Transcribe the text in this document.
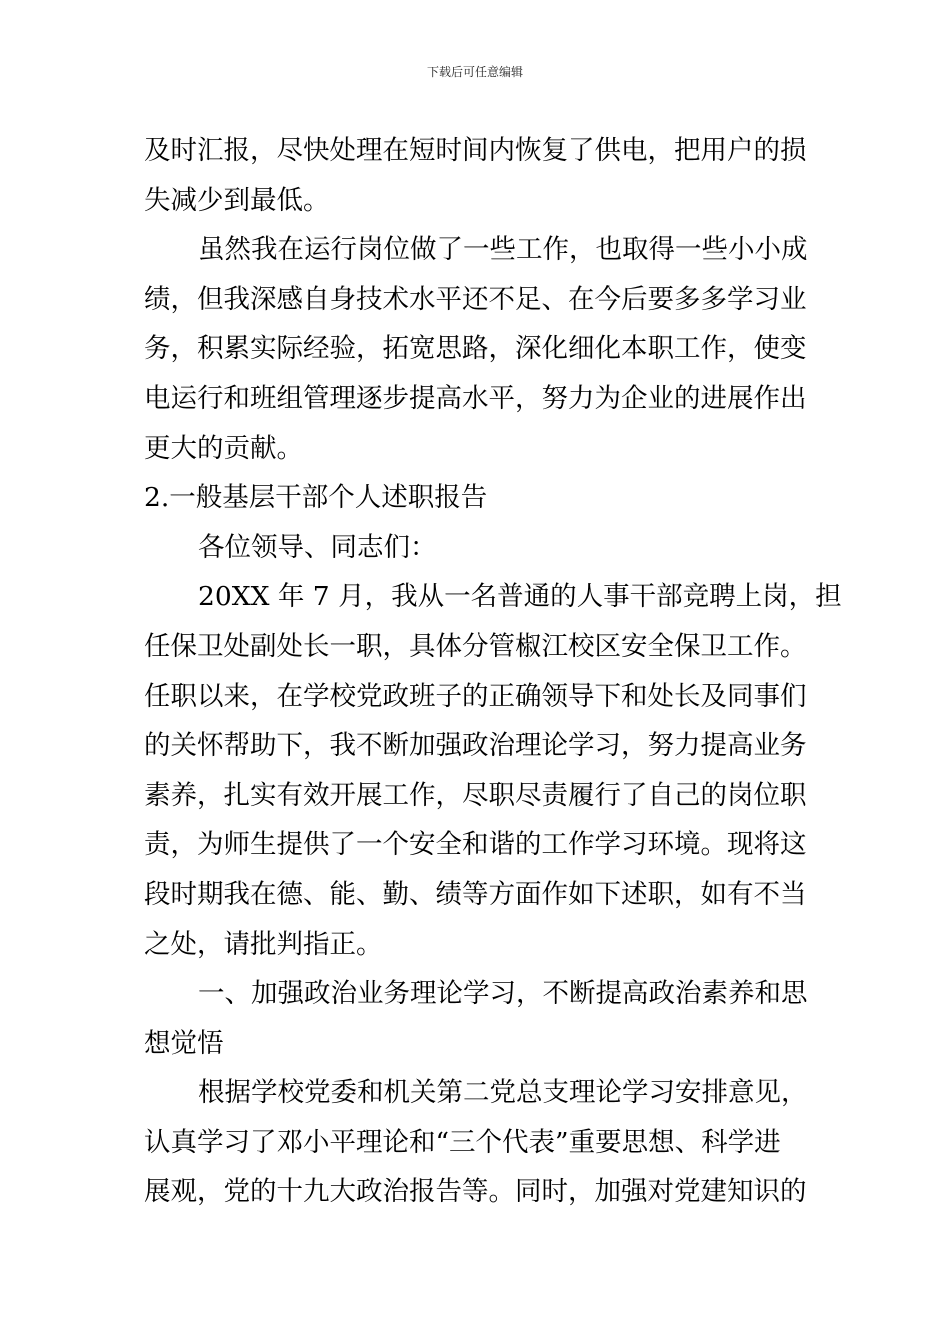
下载后可任意编辑
及时汇报，尽快处理在短时间内恢复了供电，把用户的损
失减少到最低。
虽然我在运行岗位做了一些工作，也取得一些小小成
绩，但我深感自身技术水平还不足、在今后要多多学习业
务，积累实际经验，拓宽思路，深化细化本职工作，使变
电运行和班组管理逐步提高水平，努力为企业的进展作出
更大的贡献。
2.一般基层干部个人述职报告
各位领导、同志们：
20XX 年 7 月，我从一名普通的人事干部竞聘上岗，担
任保卫处副处长一职，具体分管椒江校区安全保卫工作。
任职以来，在学校党政班子的正确领导下和处长及同事们
的关怀帮助下，我不断加强政治理论学习，努力提高业务
素养，扎实有效开展工作，尽职尽责履行了自己的岗位职
责，为师生提供了一个安全和谐的工作学习环境。现将这
段时期我在德、能、勤、绩等方面作如下述职，如有不当
之处，请批判指正。
一、加强政治业务理论学习，不断提高政治素养和思
想觉悟
根据学校党委和机关第二党总支理论学习安排意见，
认真学习了邓小平理论和“三个代表”重要思想、科学进
展观，党的十九大政治报告等。同时，加强对党建知识的
